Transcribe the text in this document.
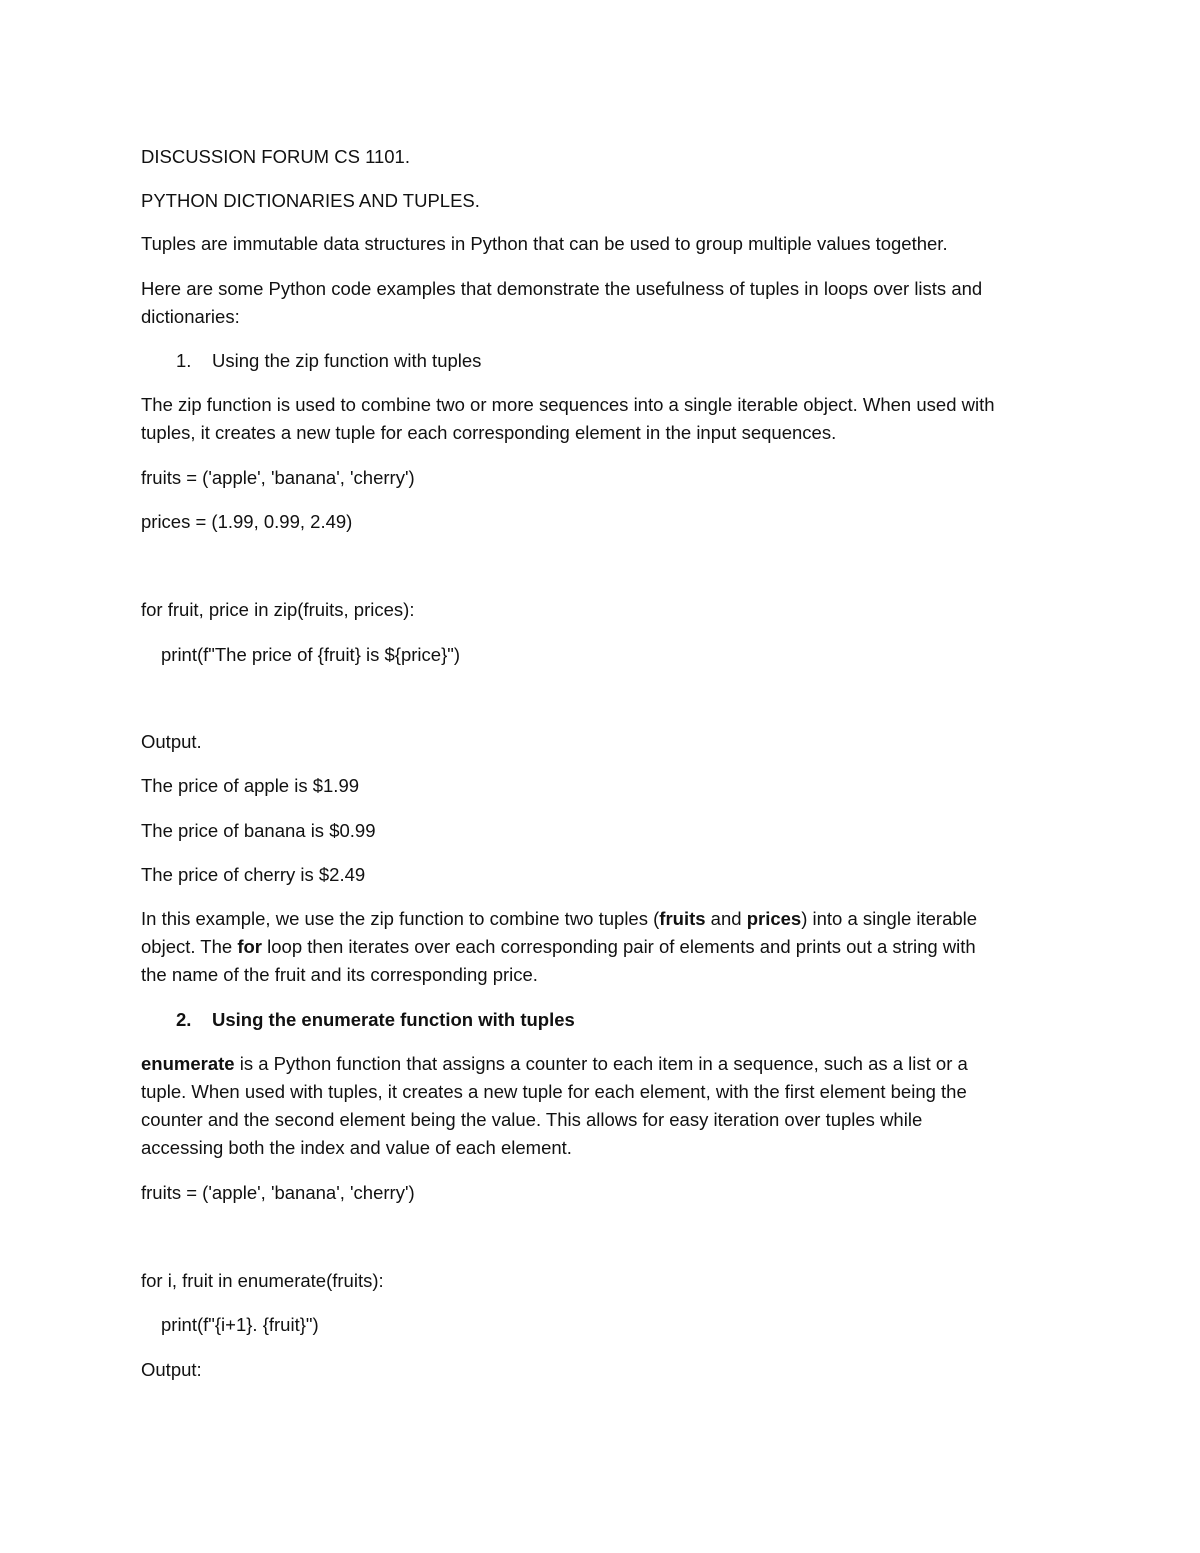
DISCUSSION FORUM CS 1101.
PYTHON DICTIONARIES AND TUPLES.
Tuples are immutable data structures in Python that can be used to group multiple values together.
Here are some Python code examples that demonstrate the usefulness of tuples in loops over lists and
dictionaries:
1. Using the zip function with tuples
The zip function is used to combine two or more sequences into a single iterable object. When used with
tuples, it creates a new tuple for each corresponding element in the input sequences.
fruits = ('apple', 'banana', 'cherry')
prices = (1.99, 0.99, 2.49)
for fruit, price in zip(fruits, prices):
print(f"The price of {fruit} is ${price}")
Output.
The price of apple is $1.99
The price of banana is $0.99
The price of cherry is $2.49
In this example, we use the zip function to combine two tuples (fruits and prices) into a single iterable
object. The for loop then iterates over each corresponding pair of elements and prints out a string with
the name of the fruit and its corresponding price.
2. Using the enumerate function with tuples
enumerate is a Python function that assigns a counter to each item in a sequence, such as a list or a
tuple. When used with tuples, it creates a new tuple for each element, with the first element being the
counter and the second element being the value. This allows for easy iteration over tuples while
accessing both the index and value of each element.
fruits = ('apple', 'banana', 'cherry')
for i, fruit in enumerate(fruits):
print(f"{i+1}. {fruit}")
Output:
